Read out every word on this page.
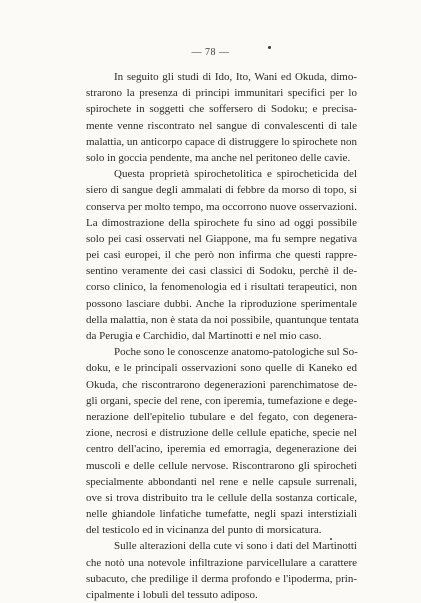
— 78 —
In seguito gli studi di Ido, Ito, Wani ed Okuda, dimo-
strarono la presenza di principi immunitari specifici per lo
spirochete in soggetti che soffersero di Sodoku; e precisa-
mente venne riscontrato nel sangue di convalescenti di tale
malattia, un anticorpo capace di distruggere lo spirochete non
solo in goccia pendente, ma anche nel peritoneo delle cavie.
Questa proprietà spirochetolitica e spirocheticida del
siero di sangue degli ammalati di febbre da morso di topo, si
conserva per molto tempo, ma occorrono nuove osservazioni.
La dimostrazione della spirochete fu sino ad oggi possibile
solo pei casi osservati nel Giappone, ma fu sempre negativa
pei casi europei, il che però non infirma che questi rappre-
sentino veramente dei casi classici di Sodoku, perchè il de-
corso clinico, la fenomenologia ed i risultati terapeutici, non
possono lasciare dubbi. Anche la riproduzione sperimentale
della malattia, non è stata da noi possibile, quantunque tentata
da Perugia e Carchidio, dal Martinotti e nel mio caso.
Poche sono le conoscenze anatomo-patologiche sul So-
doku, e le principali osservazioni sono quelle di Kaneko ed
Okuda, che riscontrarono degenerazioni parenchimatose de-
gli organi, specie del rene, con iperemia, tumefazione e dege-
nerazione dell'epitelio tubulare e del fegato, con degenera-
zione, necrosi e distruzione delle cellule epatiche, specie nel
centro dell'acino, iperemia ed emorragia, degenerazione dei
muscoli e delle cellule nervose. Riscontrarono gli spirocheti
specialmente abbondanti nel rene e nelle capsule surrenali,
ove si trova distribuito tra le cellule della sostanza corticale,
nelle ghiandole linfatiche tumefatte, negli spazi interstiziali
del testicolo ed in vicinanza del punto di morsicatura.
Sulle alterazioni della cute vi sono i dati del Martinotti
che notò una notevole infiltrazione parvicellulare a carattere
subacuto, che predilige il derma profondo e l'ipoderma, prin-
cipalmente i lobuli del tessuto adiposo.
